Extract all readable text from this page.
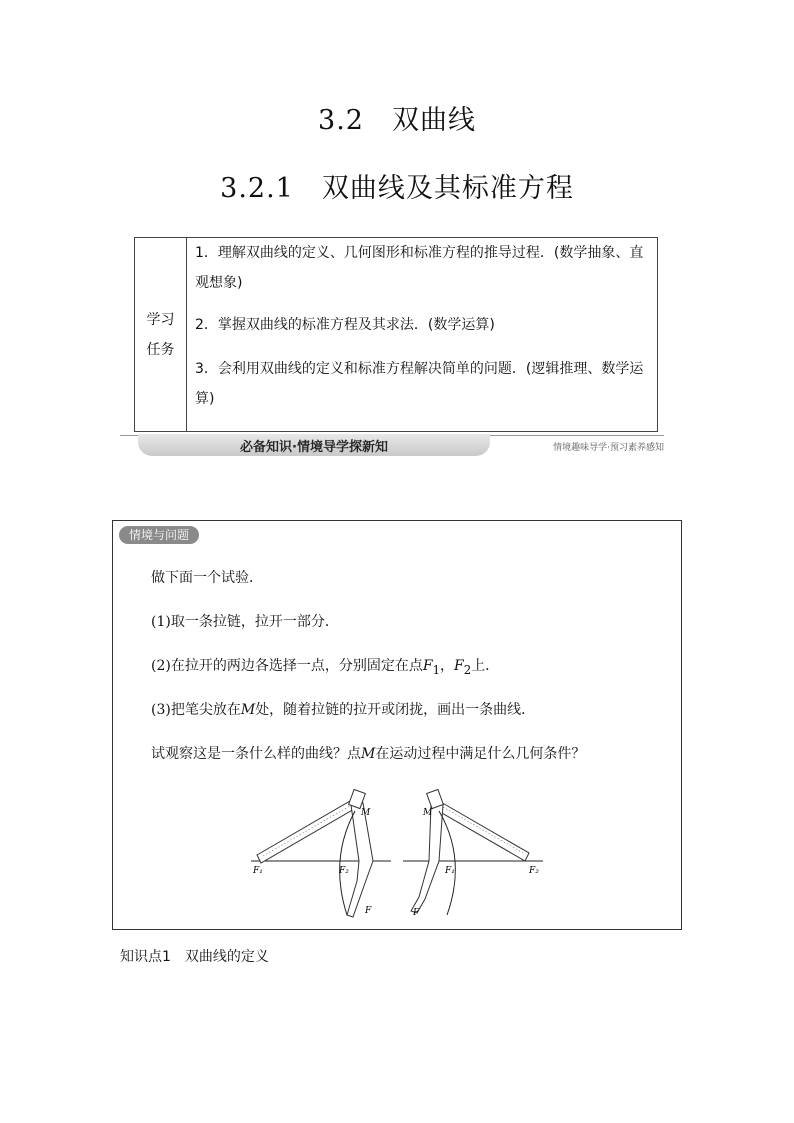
3.2　双曲线
3.2.1　双曲线及其标准方程
学习
任务
1．理解双曲线的定义、几何图形和标准方程的推导过程．(数学抽象、直观想象)
2．掌握双曲线的标准方程及其求法．(数学运算)
3．会利用双曲线的定义和标准方程解决简单的问题．(逻辑推理、数学运算)
必备知识·情境导学探新知	情境趣味导学·预习素养感知
情境与问题
做下面一个试验．
(1)取一条拉链，拉开一部分．
(2)在拉开的两边各选择一点，分别固定在点$F_1$，$F_2$上．
(3)把笔尖放在M处，随着拉链的拉开或闭拢，画出一条曲线．
试观察这是一条什么样的曲线？点M在运动过程中满足什么几何条件？
F₁	F₂
M
F
F₁	F₂
M
F
知识点1　双曲线的定义
